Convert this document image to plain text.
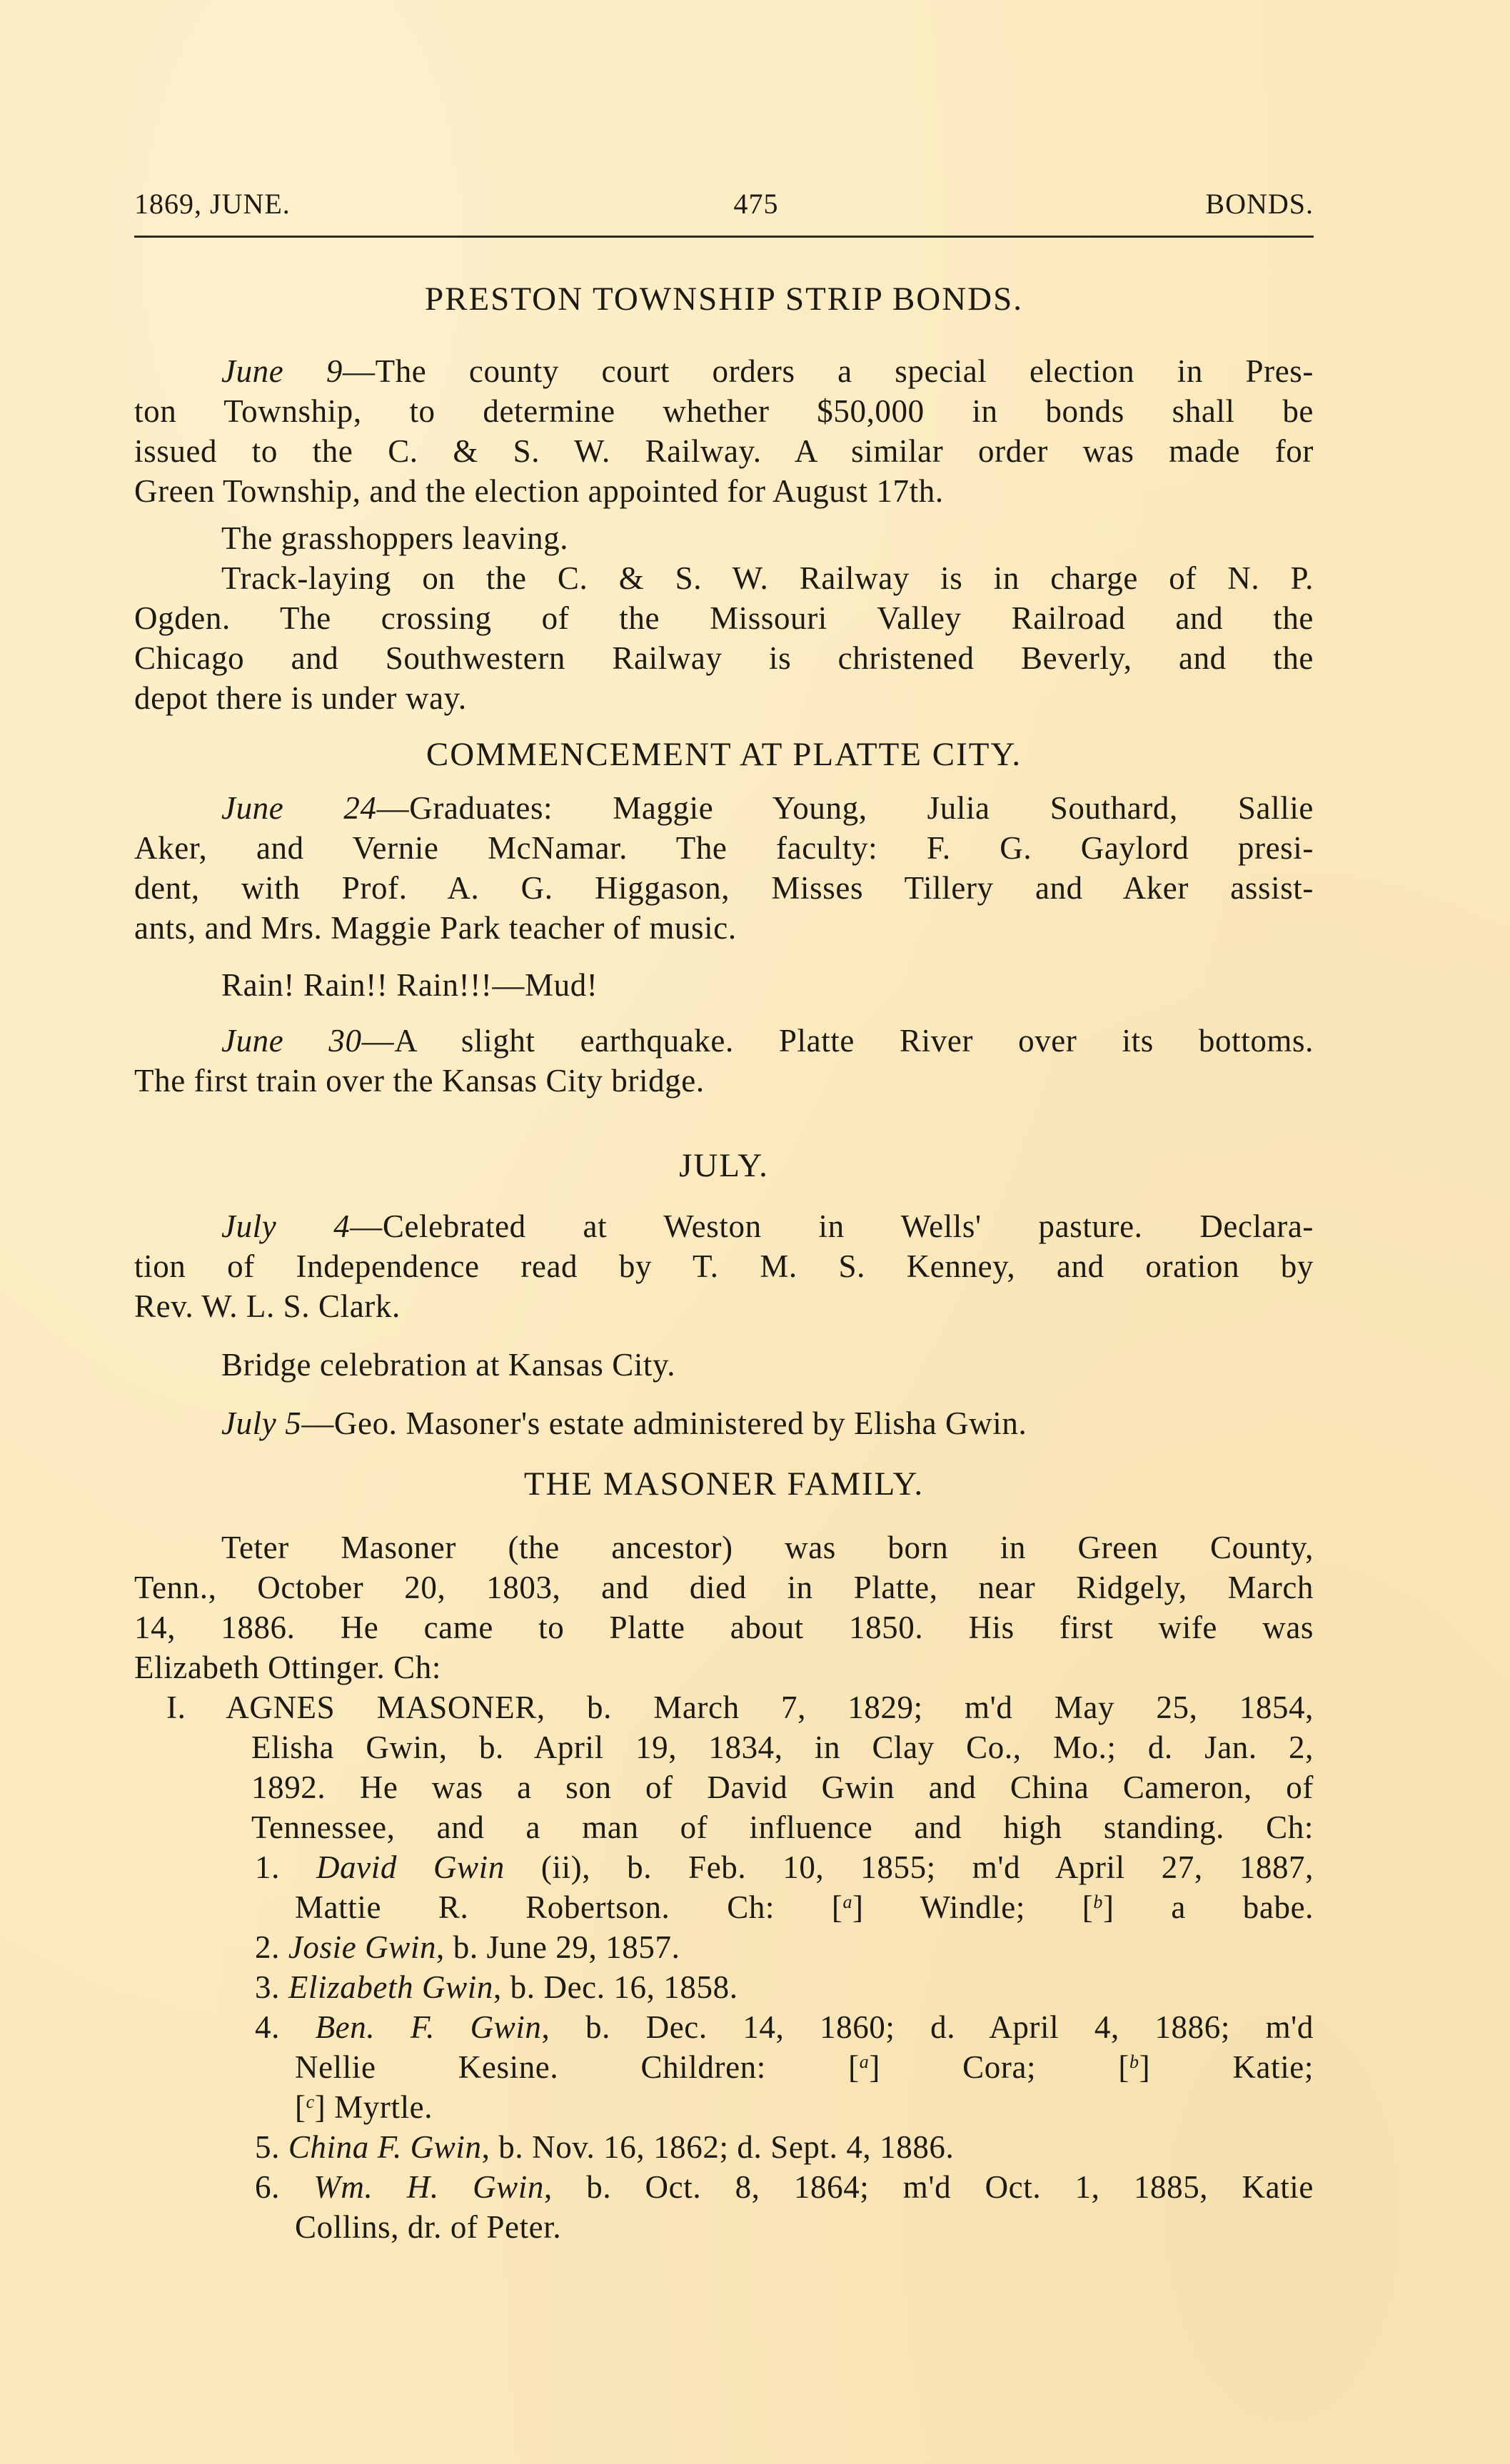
1869, JUNE.	475	BONDS.
PRESTON TOWNSHIP STRIP BONDS.
June 9—The county court orders a special election in Pres-
ton Township, to determine whether $50,000 in bonds shall be
issued to the C. & S. W. Railway. A similar order was made for
Green Township, and the election appointed for August 17th.
The grasshoppers leaving.
Track-laying on the C. & S. W. Railway is in charge of N. P.
Ogden. The crossing of the Missouri Valley Railroad and the
Chicago and Southwestern Railway is christened Beverly, and the
depot there is under way.
COMMENCEMENT AT PLATTE CITY.
June 24—Graduates: Maggie Young, Julia Southard, Sallie
Aker, and Vernie McNamar. The faculty: F. G. Gaylord presi-
dent, with Prof. A. G. Higgason, Misses Tillery and Aker assist-
ants, and Mrs. Maggie Park teacher of music.
Rain! Rain!! Rain!!!—Mud!
June 30—A slight earthquake. Platte River over its bottoms.
The first train over the Kansas City bridge.
JULY.
July 4—Celebrated at Weston in Wells' pasture. Declara-
tion of Independence read by T. M. S. Kenney, and oration by
Rev. W. L. S. Clark.
Bridge celebration at Kansas City.
July 5—Geo. Masoner's estate administered by Elisha Gwin.
THE MASONER FAMILY.
Teter Masoner (the ancestor) was born in Green County,
Tenn., October 20, 1803, and died in Platte, near Ridgely, March
14, 1886. He came to Platte about 1850. His first wife was
Elizabeth Ottinger. Ch:
I. AGNES MASONER, b. March 7, 1829; m'd May 25, 1854,
Elisha Gwin, b. April 19, 1834, in Clay Co., Mo.; d. Jan. 2,
1892. He was a son of David Gwin and China Cameron, of
Tennessee, and a man of influence and high standing. Ch:
1. David Gwin (ii), b. Feb. 10, 1855; m'd April 27, 1887,
Mattie R. Robertson. Ch: [$^a$] Windle; [$^b$] a babe.
2. Josie Gwin, b. June 29, 1857.
3. Elizabeth Gwin, b. Dec. 16, 1858.
4. Ben. F. Gwin, b. Dec. 14, 1860; d. April 4, 1886; m'd
Nellie Kesine. Children: [$^a$] Cora; [$^b$] Katie;
[$^c$] Myrtle.
5. China F. Gwin, b. Nov. 16, 1862; d. Sept. 4, 1886.
6. Wm. H. Gwin, b. Oct. 8, 1864; m'd Oct. 1, 1885, Katie
Collins, dr. of Peter.
